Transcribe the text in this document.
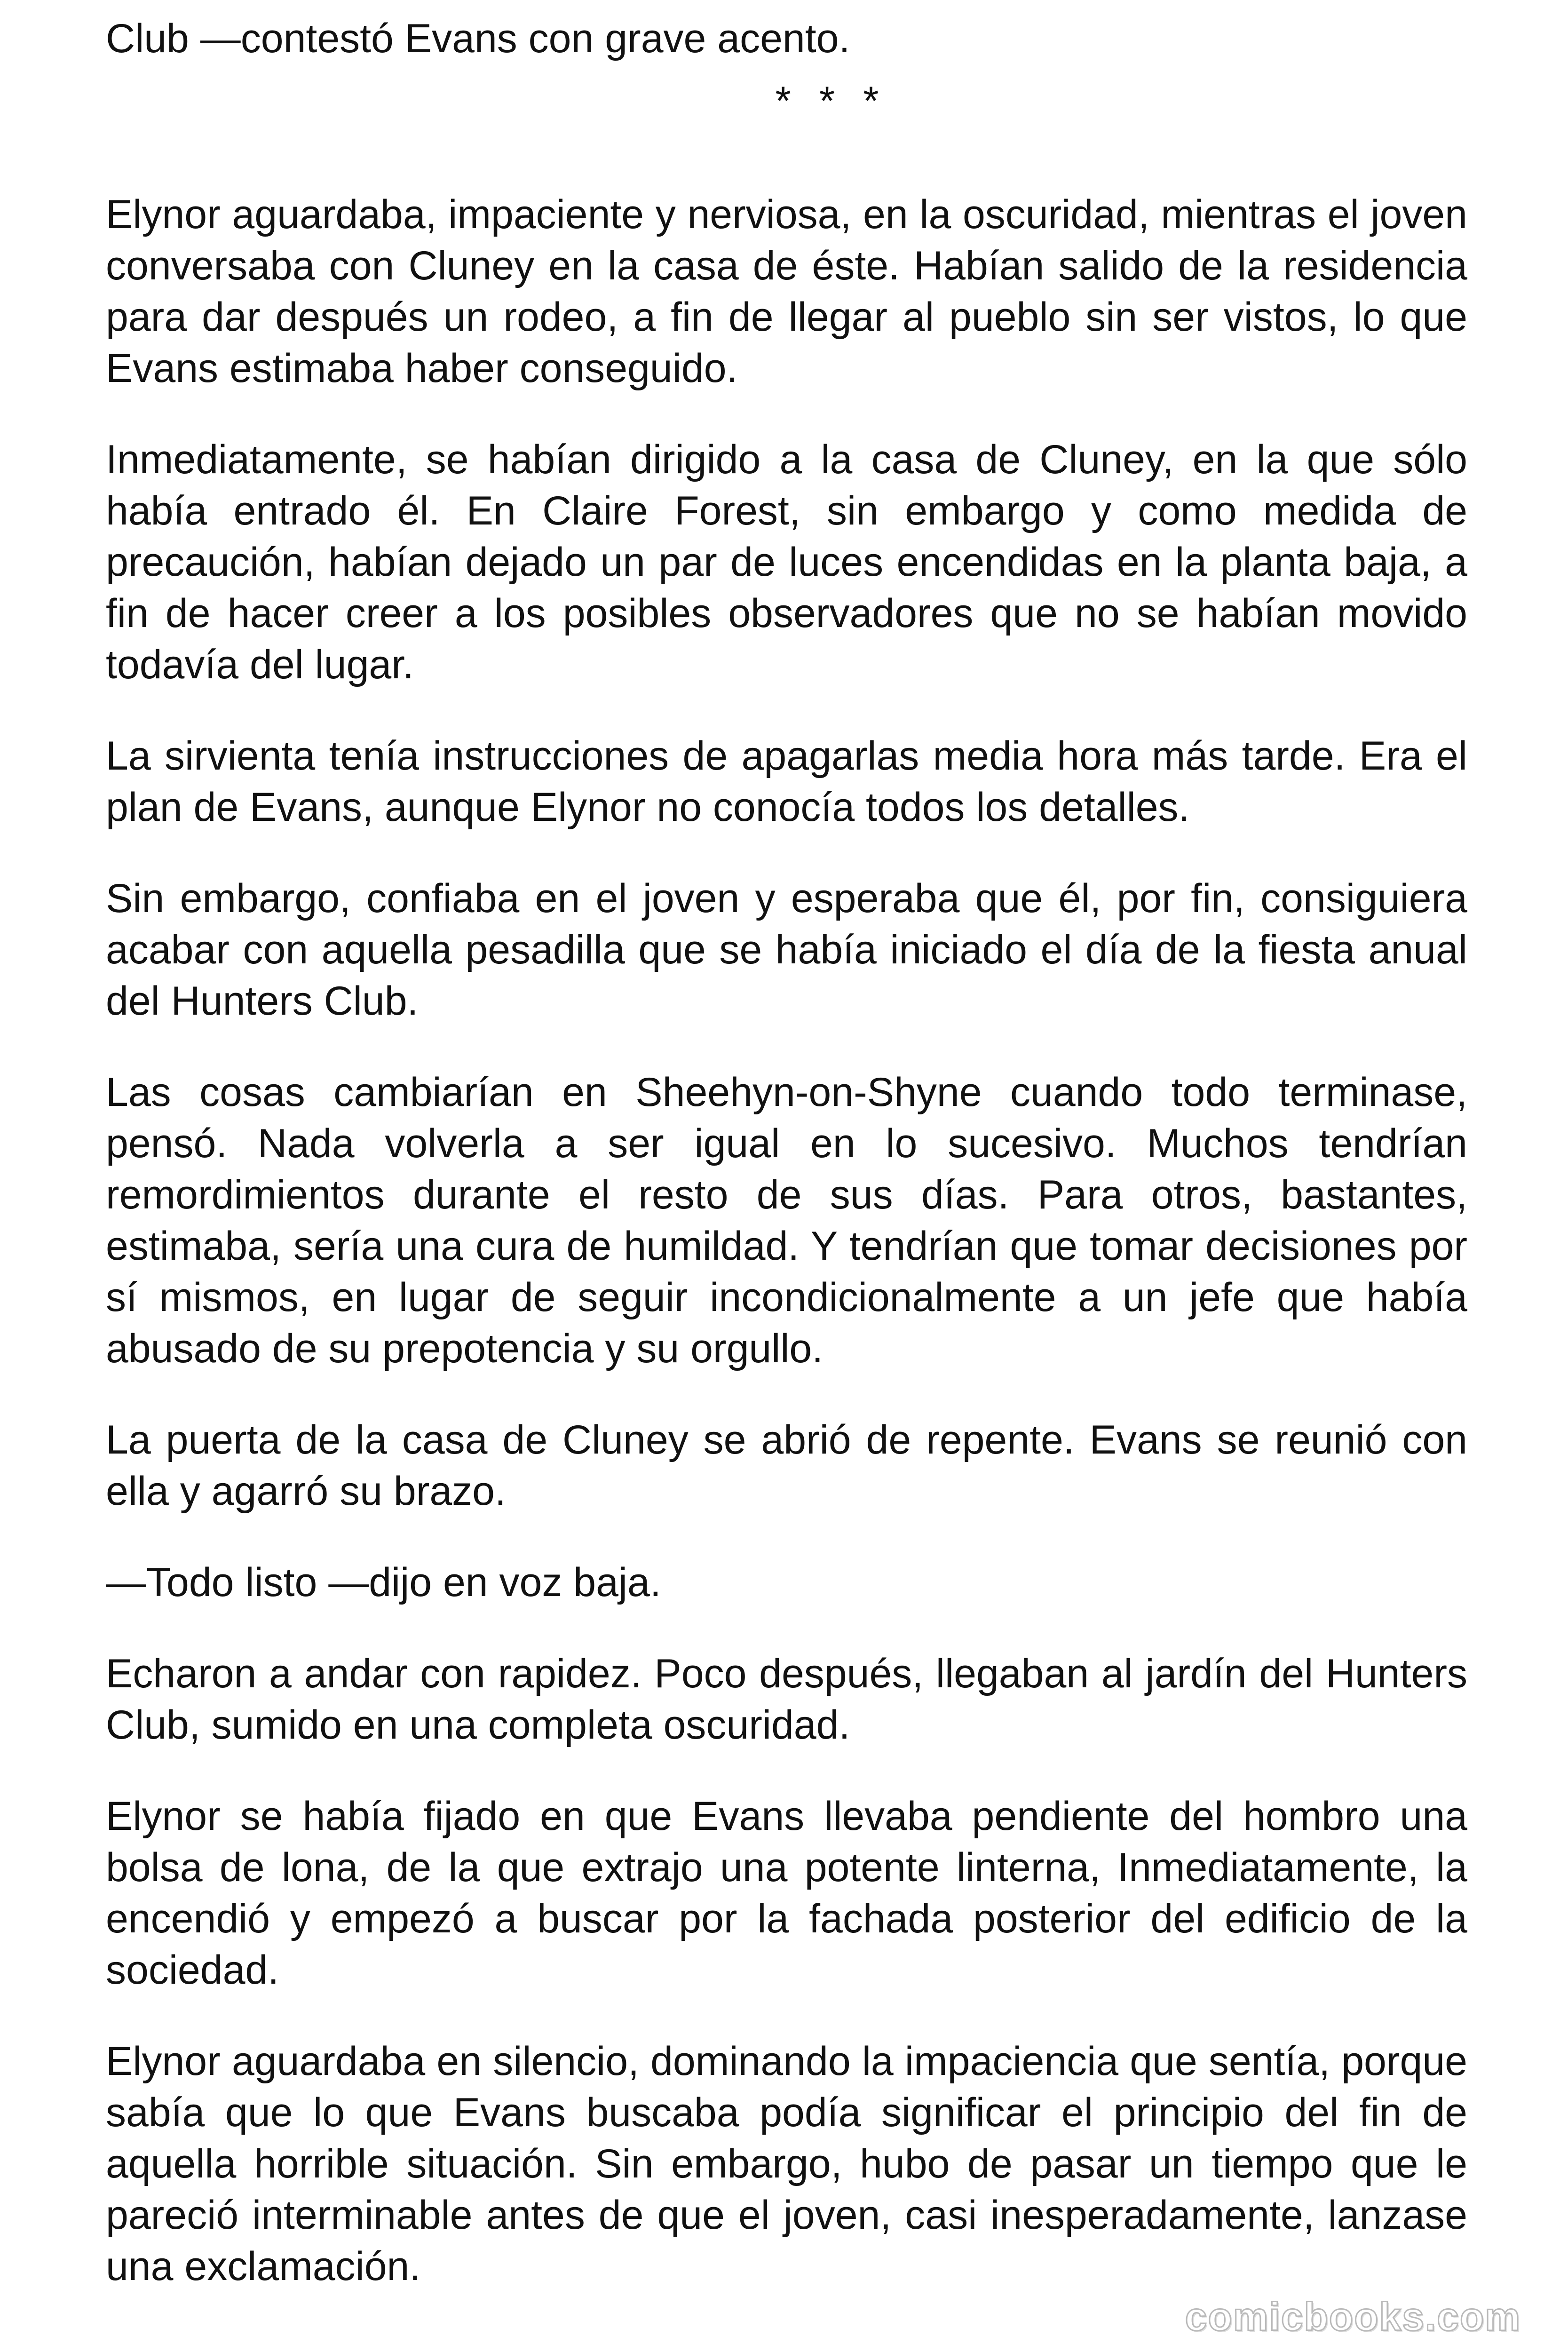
Club —contestó Evans con grave acento.

* * *

Elynor aguardaba, impaciente y nerviosa, en la oscuridad, mientras el joven conversaba con Cluney en la casa de éste. Habían salido de la residencia para dar después un rodeo, a fin de llegar al pueblo sin ser vistos, lo que Evans estimaba haber conseguido.

Inmediatamente, se habían dirigido a la casa de Cluney, en la que sólo había entrado él. En Claire Forest, sin embargo y como medida de precaución, habían dejado un par de luces encendidas en la planta baja, a fin de hacer creer a los posibles observadores que no se habían movido todavía del lugar.

La sirvienta tenía instrucciones de apagarlas media hora más tarde. Era el plan de Evans, aunque Elynor no conocía todos los detalles.

Sin embargo, confiaba en el joven y esperaba que él, por fin, consiguiera acabar con aquella pesadilla que se había iniciado el día de la fiesta anual del Hunters Club.

Las cosas cambiarían en Sheehyn-on-Shyne cuando todo terminase, pensó. Nada volverla a ser igual en lo sucesivo. Muchos tendrían remordimientos durante el resto de sus días. Para otros, bastantes, estimaba, sería una cura de humildad. Y tendrían que tomar decisiones por sí mismos, en lugar de seguir incondicionalmente a un jefe que había abusado de su prepotencia y su orgullo.

La puerta de la casa de Cluney se abrió de repente. Evans se reunió con ella y agarró su brazo.

—Todo listo —dijo en voz baja.

Echaron a andar con rapidez. Poco después, llegaban al jardín del Hunters Club, sumido en una completa oscuridad.

Elynor se había fijado en que Evans llevaba pendiente del hombro una bolsa de lona, de la que extrajo una potente linterna, Inmediatamente, la encendió y empezó a buscar por la fachada posterior del edificio de la sociedad.

Elynor aguardaba en silencio, dominando la impaciencia que sentía, porque sabía que lo que Evans buscaba podía significar el principio del fin de aquella horrible situación. Sin embargo, hubo de pasar un tiempo que le pareció interminable antes de que el joven, casi inesperadamente, lanzase una exclamación.

comicbooks.com
